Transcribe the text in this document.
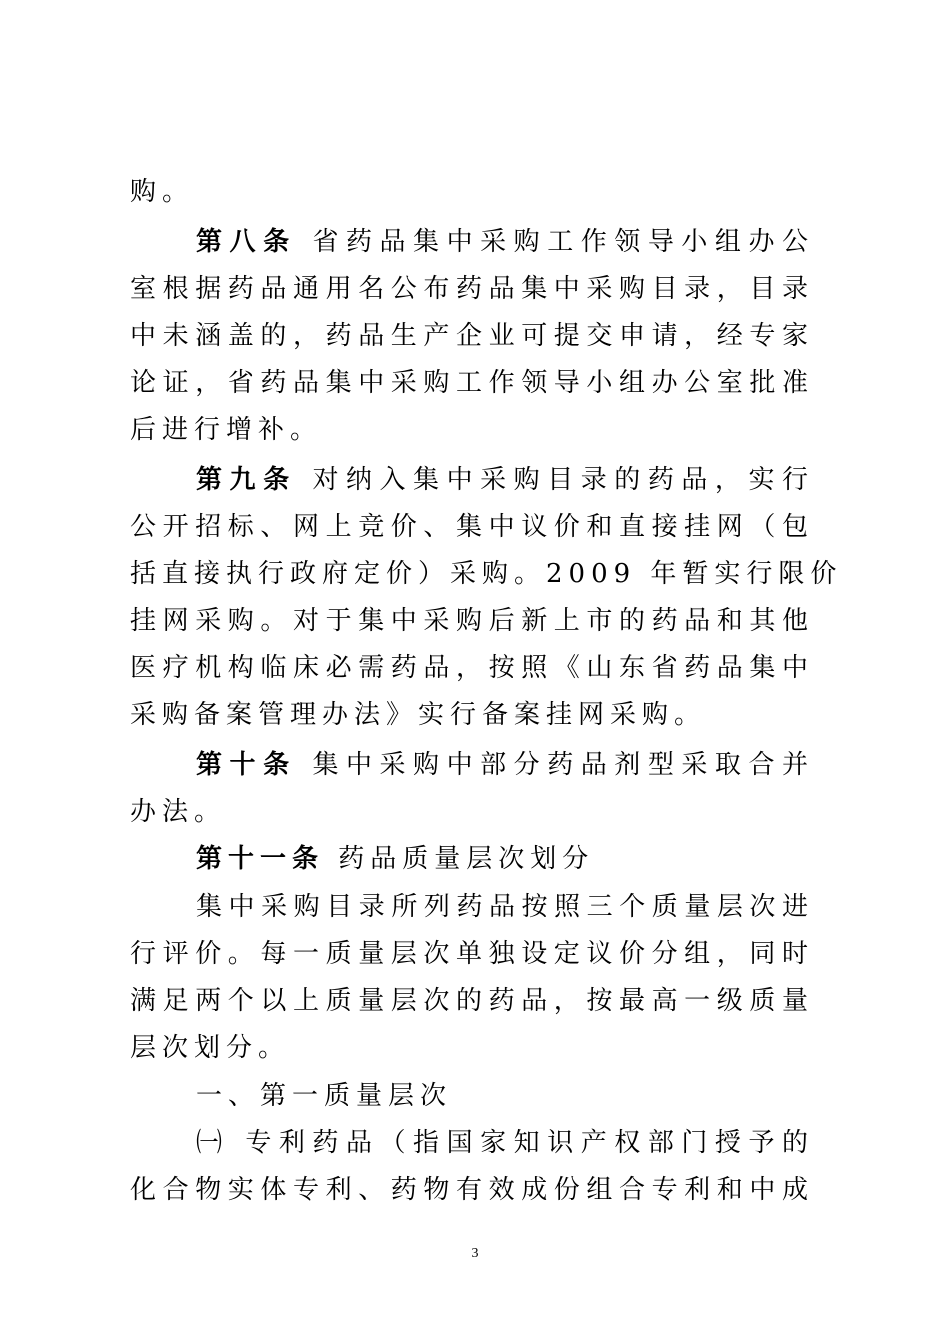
购。
第八条 省药品集中采购工作领导小组办公
室根据药品通用名公布药品集中采购目录，目录
中未涵盖的，药品生产企业可提交申请，经专家
论证，省药品集中采购工作领导小组办公室批准
后进行增补。
第九条 对纳入集中采购目录的药品，实行
公开招标、网上竞价、集中议价和直接挂网（包
括直接执行政府定价）采购。2009 年暂实行限价
挂网采购。对于集中采购后新上市的药品和其他
医疗机构临床必需药品，按照《山东省药品集中
采购备案管理办法》实行备案挂网采购。
第十条 集中采购中部分药品剂型采取合并
办法。
第十一条 药品质量层次划分
集中采购目录所列药品按照三个质量层次进
行评价。每一质量层次单独设定议价分组，同时
满足两个以上质量层次的药品，按最高一级质量
层次划分。
一、第一质量层次
㈠ 专利药品（指国家知识产权部门授予的
化合物实体专利、药物有效成份组合专利和中成
3
